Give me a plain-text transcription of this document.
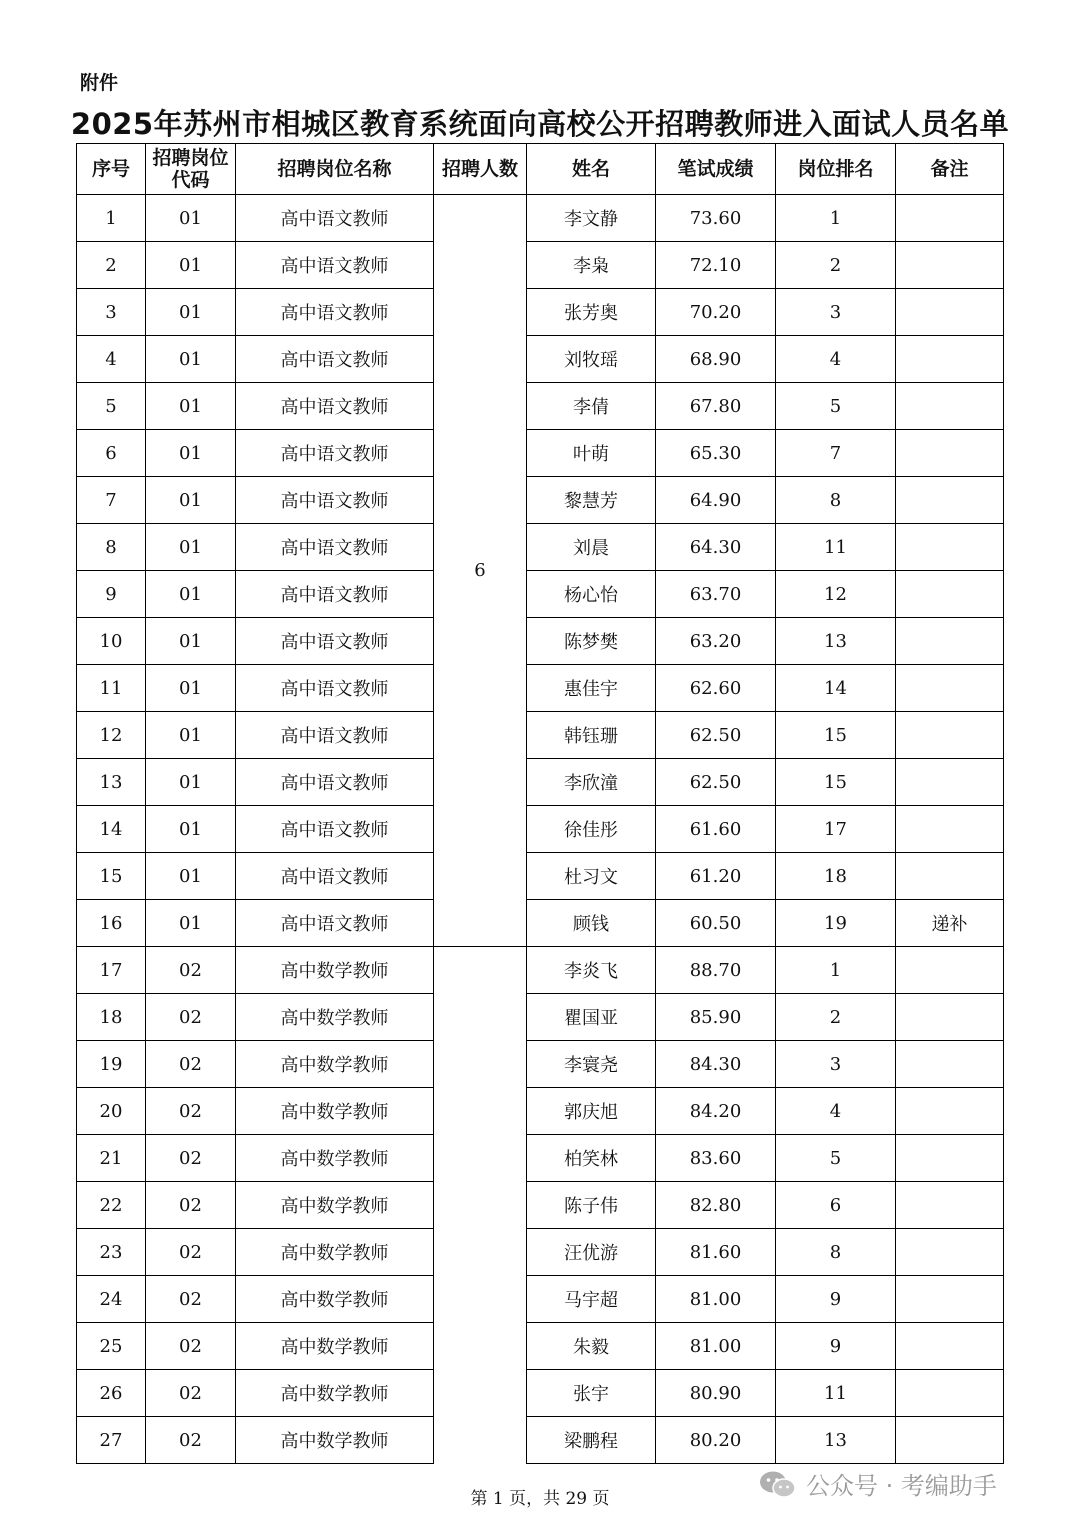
附件
2025年苏州市相城区教育系统面向高校公开招聘教师进入面试人员名单
序号	招聘岗位代码	招聘岗位名称	招聘人数	姓名	笔试成绩	岗位排名	备注
1	01	高中语文教师	6	李文静	73.60	1	
2	01	高中语文教师		李枭	72.10	2	
3	01	高中语文教师		张芳奥	70.20	3	
4	01	高中语文教师		刘牧瑶	68.90	4	
5	01	高中语文教师		李倩	67.80	5	
6	01	高中语文教师		叶萌	65.30	7	
7	01	高中语文教师		黎慧芳	64.90	8	
8	01	高中语文教师		刘晨	64.30	11	
9	01	高中语文教师		杨心怡	63.70	12	
10	01	高中语文教师		陈梦樊	63.20	13	
11	01	高中语文教师		惠佳宇	62.60	14	
12	01	高中语文教师		韩钰珊	62.50	15	
13	01	高中语文教师		李欣潼	62.50	15	
14	01	高中语文教师		徐佳彤	61.60	17	
15	01	高中语文教师		杜习文	61.20	18	
16	01	高中语文教师		顾钱	60.50	19	递补
17	02	高中数学教师		李炎飞	88.70	1	
18	02	高中数学教师		瞿国亚	85.90	2	
19	02	高中数学教师		李寰尧	84.30	3	
20	02	高中数学教师		郭庆旭	84.20	4	
21	02	高中数学教师		柏笑林	83.60	5	
22	02	高中数学教师		陈子伟	82.80	6	
23	02	高中数学教师		汪优游	81.60	8	
24	02	高中数学教师		马宇超	81.00	9	
25	02	高中数学教师		朱毅	81.00	9	
26	02	高中数学教师		张宇	80.90	11	
27	02	高中数学教师		梁鹏程	80.20	13	
第 1 页，共 29 页	公众号 · 考编助手
